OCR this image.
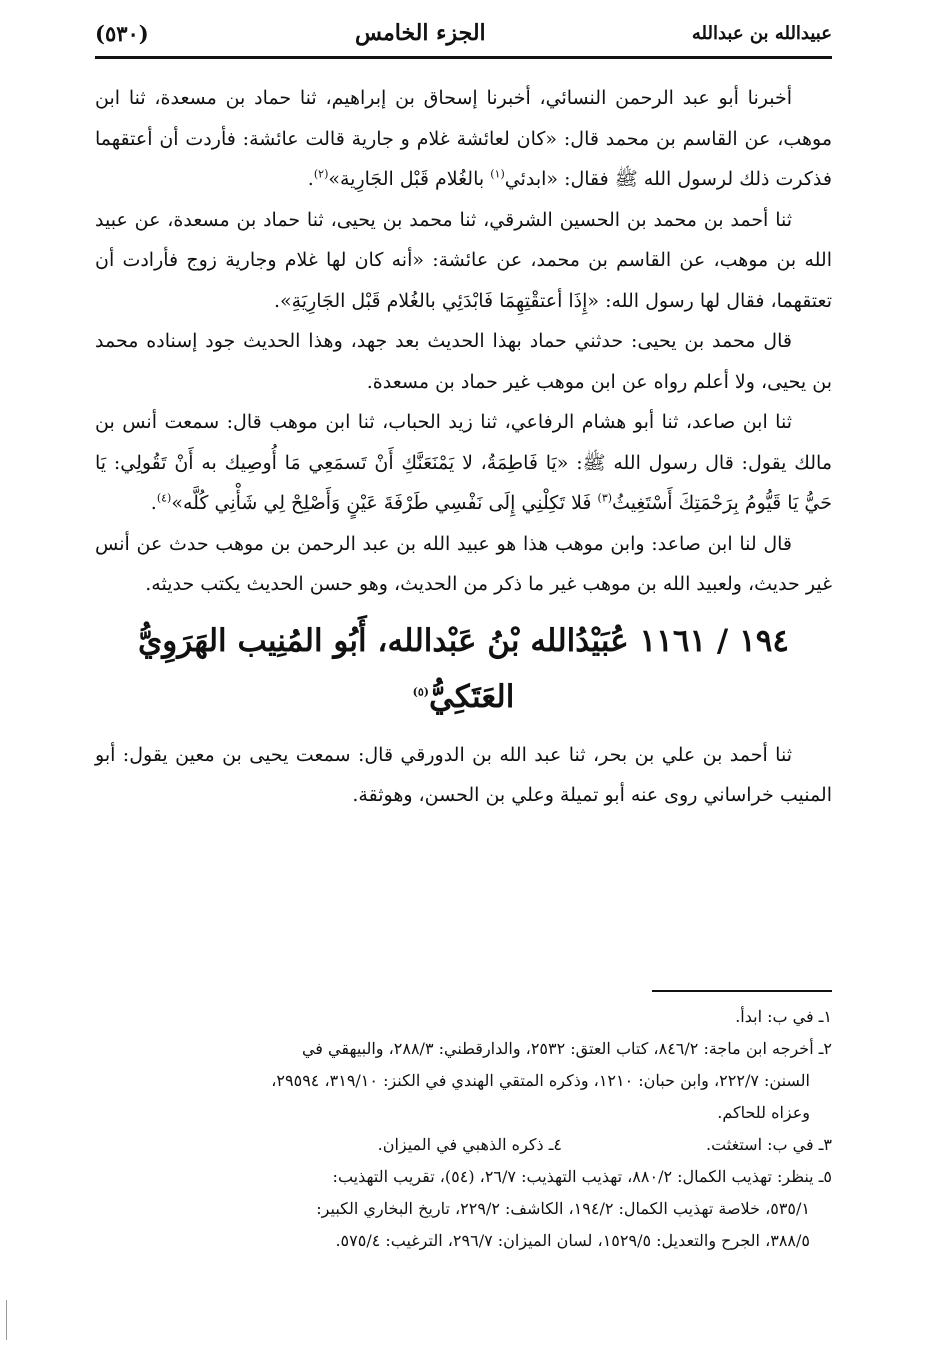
(٥٣٠)	الجزء الخامس	عبيدالله بن عبدالله

أخبرنا أبو عبد الرحمن النسائي، أخبرنا إسحاق بن إبراهيم، ثنا حماد بن مسعدة، ثنا ابن موهب، عن القاسم بن محمد قال: «كان لعائشة غلام و جارية قالت عائشة: فأردت أن أعتقهما فذكرت ذلك لرسول الله ﷺ فقال: «ابدئي$^{(١)}$ بالغُلام قَبْل الجَارِية»$^{(٢)}$.

ثنا أحمد بن محمد بن الحسين الشرقي، ثنا محمد بن يحيى، ثنا حماد بن مسعدة، عن عبيد الله بن موهب، عن القاسم بن محمد، عن عائشة: «أنه كان لها غلام وجارية زوج فأرادت أن تعتقهما، فقال لها رسول الله: «إِذَا أعتقْتِهِمَا فَابْدَئِي بالغُلام قَبْل الجَارِيَةِ».

قال محمد بن يحيى: حدثني حماد بهذا الحديث بعد جهد، وهذا الحديث جود إسناده محمد بن يحيى، ولا أعلم رواه عن ابن موهب غير حماد بن مسعدة.

ثنا ابن صاعد، ثنا أبو هشام الرفاعي، ثنا زيد الحباب، ثنا ابن موهب قال: سمعت أنس بن مالك يقول: قال رسول الله ﷺ: «يَا فَاطِمَةُ، لا يَمْنَعَنَّكِ أَنْ تَسمَعِي مَا أُوصِيك به أَنْ تَقُولِي: يَا حَيُّ يَا قَيُّومُ بِرَحْمَتِكَ أَسْتَغِيثُ$^{(٣)}$ فَلا تَكِلْنِي إِلَى نَفْسِي طَرْفَةَ عَيْنٍ وَأَصْلِحْ لِي شَأْنِي كُلَّه»$^{(٤)}$.

قال لنا ابن صاعد: وابن موهب هذا هو عبيد الله بن عبد الرحمن بن موهب حدث عن أنس غير حديث، ولعبيد الله بن موهب غير ما ذكر من الحديث، وهو حسن الحديث يكتب حديثه.

١٩٤ / ١١٦١ عُبَيْدُالله بْنُ عَبْدالله، أَبُو المُنِيب الهَرَوِيُّ العَتَكِيُّ$^{(٥)}$

ثنا أحمد بن علي بن بحر، ثنا عبد الله بن الدورقي قال: سمعت يحيى بن معين يقول: أبو المنيب خراساني روى عنه أبو تميلة وعلي بن الحسن، وهوثقة.

١ـ في ب: ابدأ.

٢ـ أخرجه ابن ماجة: ٨٤٦/٢، كتاب العتق: ٢٥٣٢، والدارقطني: ٢٨٨/٣، والبيهقي في

السنن: ٢٢٢/٧، وابن حبان: ١٢١٠، وذكره المتقي الهندي في الكنز: ٣١٩/١٠، ٢٩٥٩٤،

وعزاه للحاكم.

٣ـ في ب: استغثت.
٤ـ ذكره الذهبي في الميزان.

٥ـ ينظر: تهذيب الكمال: ٨٨٠/٢، تهذيب التهذيب: ٢٦/٧، (٥٤)، تقريب التهذيب:

٥٣٥/١، خلاصة تهذيب الكمال: ١٩٤/٢، الكاشف: ٢٢٩/٢، تاريخ البخاري الكبير:

٣٨٨/٥، الجرح والتعديل: ١٥٢٩/٥، لسان الميزان: ٢٩٦/٧، الترغيب: ٥٧٥/٤.
